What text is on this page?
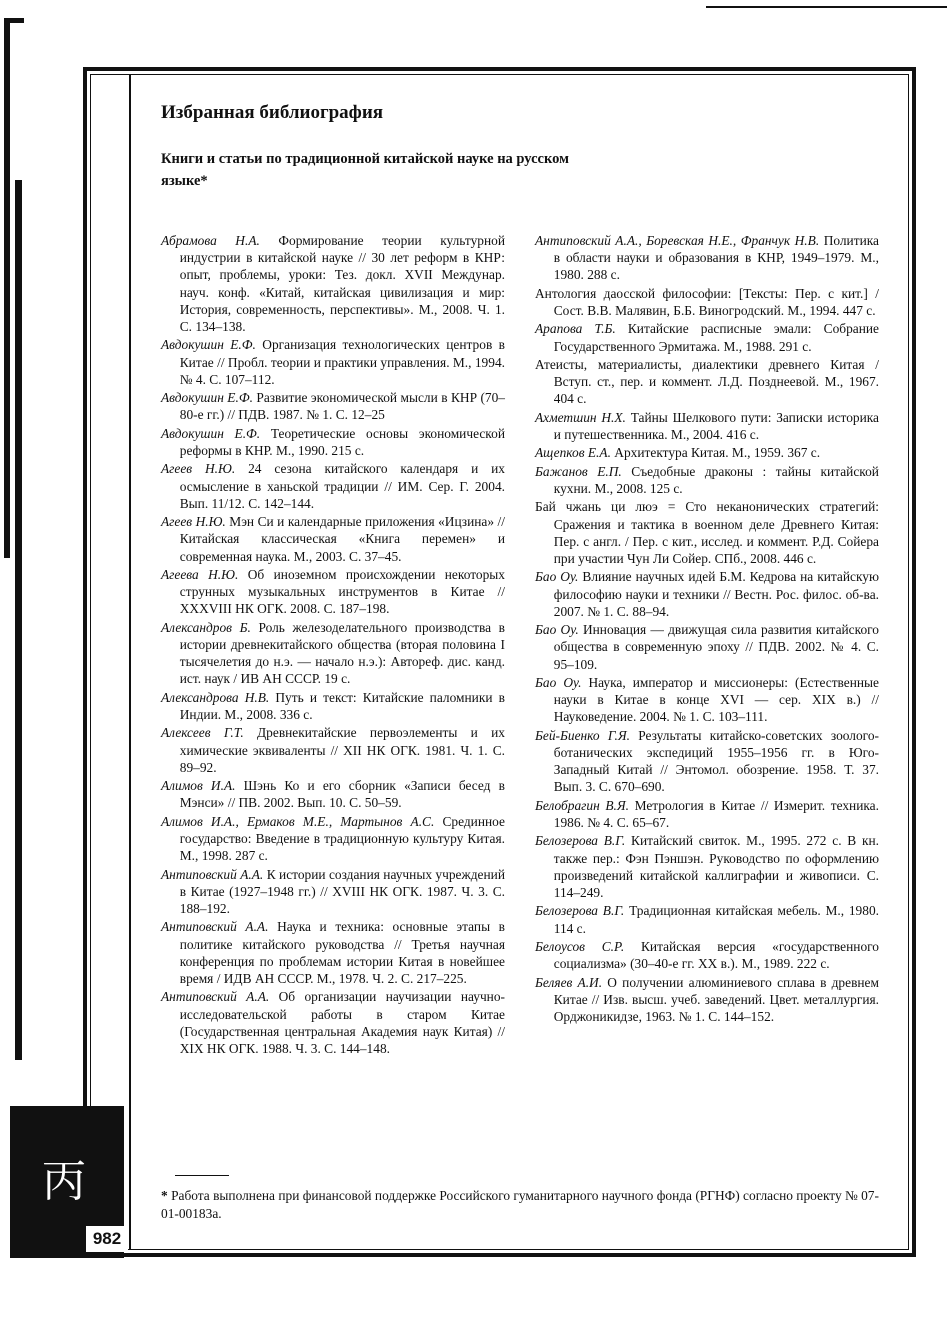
丙
982
Избранная библиография
Книги и статьи по традиционной китайской науке на русском языке*

Абрамова Н.А. Формирование теории культурной индустрии в китайской науке // 30 лет реформ в КНР: опыт, проблемы, уроки: Тез. докл. XVII Междунар. науч. конф. «Китай, китайская цивилизация и мир: История, современность, перспективы». М., 2008. Ч. 1. С. 134–138.

Авдокушин Е.Ф. Организация технологических центров в Китае // Пробл. теории и практики управления. М., 1994. № 4. С. 107–112.

Авдокушин Е.Ф. Развитие экономической мысли в КНР (70–80-е гг.) // ПДВ. 1987. № 1. С. 12–25

Авдокушин Е.Ф. Теоретические основы экономической реформы в КНР. М., 1990. 215 с.

Агеев Н.Ю. 24 сезона китайского календаря и их осмысление в ханьской традиции // ИМ. Сер. Г. 2004. Вып. 11/12. С. 142–144.

Агеев Н.Ю. Мэн Си и календарные приложения «Ицзина» // Китайская классическая «Книга перемен» и современная наука. М., 2003. С. 37–45.

Агеева Н.Ю. Об иноземном происхождении некоторых струнных музыкальных инструментов в Китае // XXXVIII НК ОГК. 2008. С. 187–198.

Александров Б. Роль железоделательного производства в истории древнекитайского общества (вторая половина I тысячелетия до н.э. — начало н.э.): Автореф. дис. канд. ист. наук / ИВ АН СССР. 19 с.

Александрова Н.В. Путь и текст: Китайские паломники в Индии. М., 2008. 336 с.

Алексеев Г.Т. Древнекитайские первоэлементы и их химические эквиваленты // XII НК ОГК. 1981. Ч. 1. С. 89–92.

Алимов И.А. Шэнь Ко и его сборник «Записи бесед в Мэнси» // ПВ. 2002. Вып. 10. С. 50–59.

Алимов И.А., Ермаков М.Е., Мартынов А.С. Срединное государство: Введение в традиционную культуру Китая. М., 1998. 287 с.

Антиповский А.А. К истории создания научных учреждений в Китае (1927–1948 гг.) // XVIII НК ОГК. 1987. Ч. 3. С. 188–192.

Антиповский А.А. Наука и техника: основные этапы в политике китайского руководства // Третья научная конференция по проблемам истории Китая в новейшее время / ИДВ АН СССР. М., 1978. Ч. 2. С. 217–225.

Антиповский А.А. Об организации научизации научно-исследовательской работы в старом Китае (Государственная центральная Академия наук Китая) // XIX НК ОГК. 1988. Ч. 3. С. 144–148.

Антиповский А.А., Боревская Н.Е., Франчук Н.В. Политика в области науки и образования в КНР, 1949–1979. М., 1980. 288 с.

Антология даосской философии: [Тексты: Пер. с кит.] / Сост. В.В. Малявин, Б.Б. Виногродский. М., 1994. 447 с.

Арапова Т.Б. Китайские расписные эмали: Собрание Государственного Эрмитажа. М., 1988. 291 с.

Атеисты, материалисты, диалектики древнего Китая / Вступ. ст., пер. и коммент. Л.Д. Позднеевой. М., 1967. 404 с.

Ахметшин Н.Х. Тайны Шелкового пути: Записки историка и путешественника. М., 2004. 416 с.

Ащепков Е.А. Архитектура Китая. М., 1959. 367 с.

Бажанов Е.П. Съедобные драконы : тайны китайской кухни. М., 2008. 125 с.

Бай чжань ци люэ = Сто неканонических стратегий: Сражения и тактика в военном деле Древнего Китая: Пер. с англ. / Пер. с кит., исслед. и коммент. Р.Д. Сойера при участии Чун Ли Сойер. СПб., 2008. 446 с.

Бао Оу. Влияние научных идей Б.М. Кедрова на китайскую философию науки и техники // Вестн. Рос. филос. об-ва. 2007. № 1. С. 88–94.

Бао Оу. Инновация — движущая сила развития китайского общества в современную эпоху // ПДВ. 2002. № 4. С. 95–109.

Бао Оу. Наука, император и миссионеры: (Естественные науки в Китае в конце XVI — сер. XIX в.) // Науковедение. 2004. № 1. С. 103–111.

Бей-Биенко Г.Я. Результаты китайско-советских зоолого-ботанических экспедиций 1955–1956 гг. в Юго-Западный Китай // Энтомол. обозрение. 1958. Т. 37. Вып. 3. С. 670–690.

Белобрагин В.Я. Метрология в Китае // Измерит. техника. 1986. № 4. С. 65–67.

Белозерова В.Г. Китайский свиток. М., 1995. 272 с. В кн. также пер.: Фэн Пэншэн. Руководство по оформлению произведений китайской каллиграфии и живописи. С. 114–249.

Белозерова В.Г. Традиционная китайская мебель. М., 1980. 114 с.

Белоусов С.Р. Китайская версия «государственного социализма» (30–40-е гг. XX в.). М., 1989. 222 с.

Беляев А.И. О получении алюминиевого сплава в древнем Китае // Изв. высш. учеб. заведений. Цвет. металлургия. Орджоникидзе, 1963. № 1. С. 144–152.

* Работа выполнена при финансовой поддержке Российского гуманитарного научного фонда (РГНФ) согласно проекту № 07-01-00183а.
